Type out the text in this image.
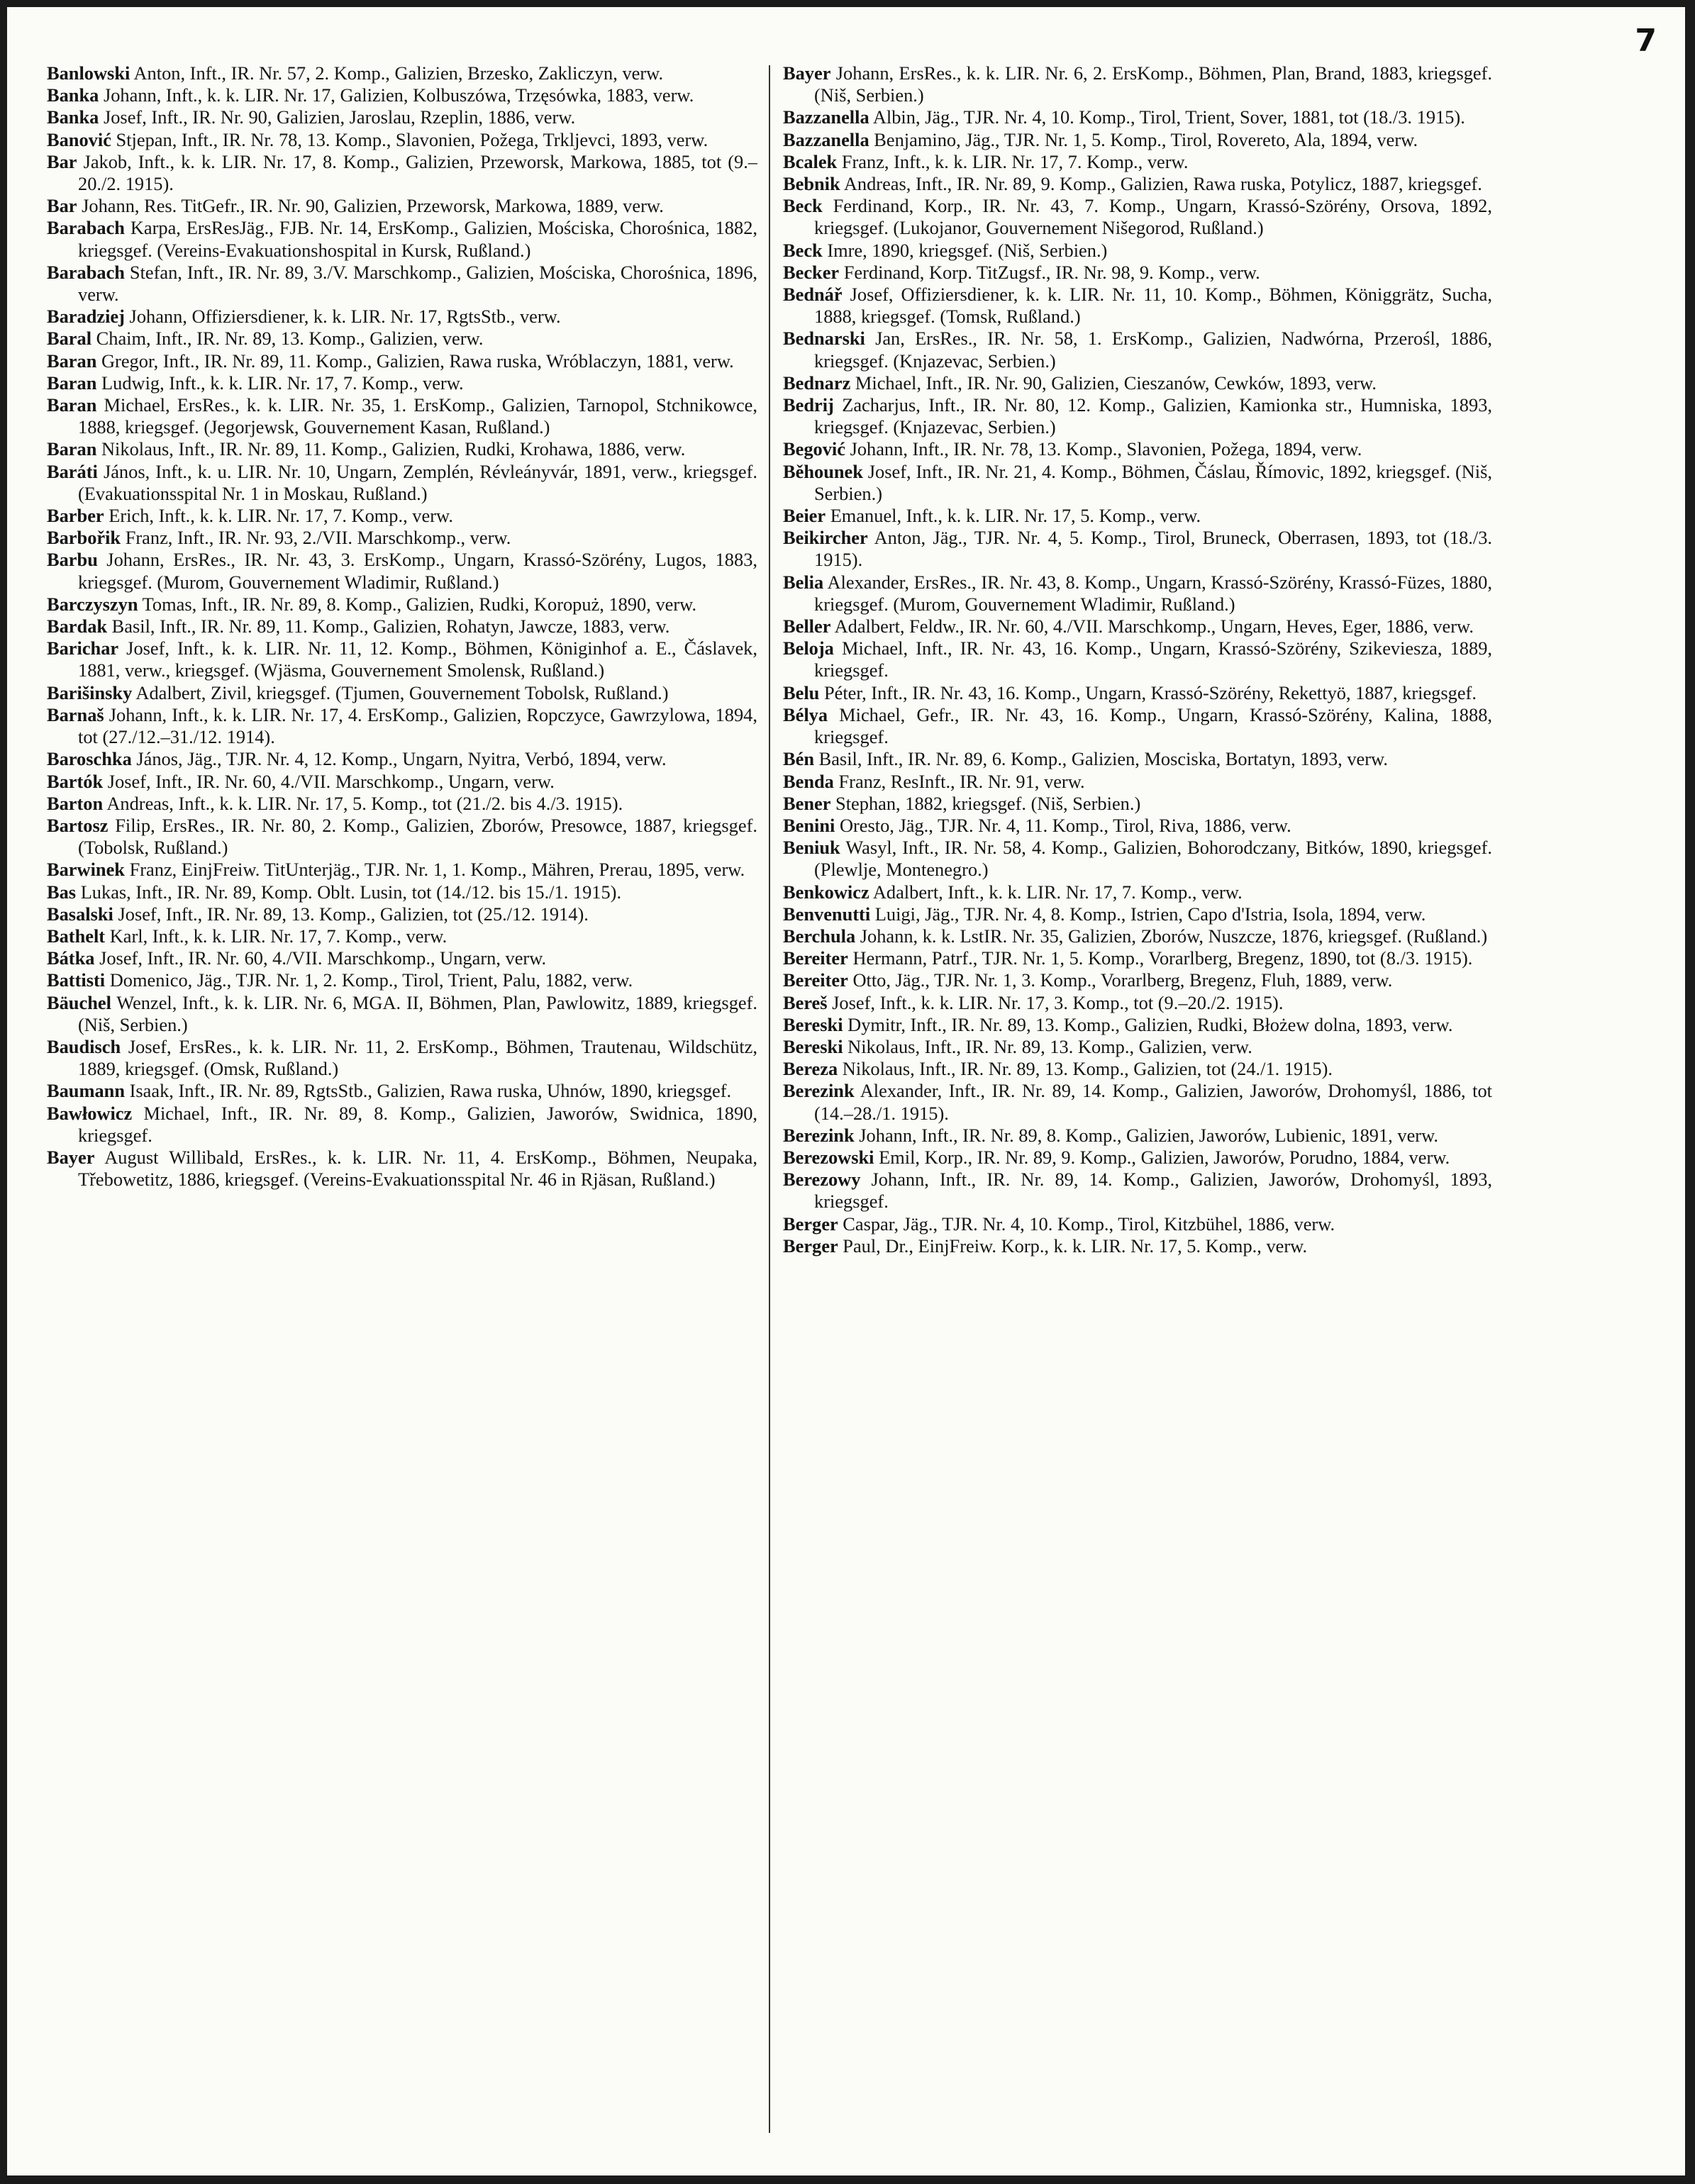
7

Banlowski Anton, Inft., IR. Nr. 57, 2. Komp., Galizien, Brzesko, Zakliczyn, verw.

Banka Johann, Inft., k. k. LIR. Nr. 17, Galizien, Kolbuszówa, Trzęsówka, 1883, verw.

Banka Josef, Inft., IR. Nr. 90, Galizien, Jaroslau, Rzeplin, 1886, verw.

Banović Stjepan, Inft., IR. Nr. 78, 13. Komp., Slavonien, Požega, Trkljevci, 1893, verw.

Bar Jakob, Inft., k. k. LIR. Nr. 17, 8. Komp., Galizien, Przeworsk, Markowa, 1885, tot (9.–20./2. 1915).

Bar Johann, Res. TitGefr., IR. Nr. 90, Galizien, Przeworsk, Markowa, 1889, verw.

Barabach Karpa, ErsResJäg., FJB. Nr. 14, ErsKomp., Galizien, Mościska, Chorośnica, 1882, kriegsgef. (Vereins-Evakuationshospital in Kursk, Rußland.)

Barabach Stefan, Inft., IR. Nr. 89, 3./V. Marschkomp., Galizien, Mościska, Chorośnica, 1896, verw.

Baradziej Johann, Offiziersdiener, k. k. LIR. Nr. 17, RgtsStb., verw.

Baral Chaim, Inft., IR. Nr. 89, 13. Komp., Galizien, verw.

Baran Gregor, Inft., IR. Nr. 89, 11. Komp., Galizien, Rawa ruska, Wróblaczyn, 1881, verw.

Baran Ludwig, Inft., k. k. LIR. Nr. 17, 7. Komp., verw.

Baran Michael, ErsRes., k. k. LIR. Nr. 35, 1. ErsKomp., Galizien, Tarnopol, Stchnikowce, 1888, kriegsgef. (Jegorjewsk, Gouvernement Kasan, Rußland.)

Baran Nikolaus, Inft., IR. Nr. 89, 11. Komp., Galizien, Rudki, Krohawa, 1886, verw.

Baráti János, Inft., k. u. LIR. Nr. 10, Ungarn, Zemplén, Révleányvár, 1891, verw., kriegsgef. (Evakuationsspital Nr. 1 in Moskau, Rußland.)

Barber Erich, Inft., k. k. LIR. Nr. 17, 7. Komp., verw.

Barbořik Franz, Inft., IR. Nr. 93, 2./VII. Marschkomp., verw.

Barbu Johann, ErsRes., IR. Nr. 43, 3. ErsKomp., Ungarn, Krassó-Szörény, Lugos, 1883, kriegsgef. (Murom, Gouvernement Wladimir, Rußland.)

Barczyszyn Tomas, Inft., IR. Nr. 89, 8. Komp., Galizien, Rudki, Koropuż, 1890, verw.

Bardak Basil, Inft., IR. Nr. 89, 11. Komp., Galizien, Rohatyn, Jawcze, 1883, verw.

Barichar Josef, Inft., k. k. LIR. Nr. 11, 12. Komp., Böhmen, Königinhof a. E., Čáslavek, 1881, verw., kriegsgef. (Wjäsma, Gouvernement Smolensk, Rußland.)

Barišinsky Adalbert, Zivil, kriegsgef. (Tjumen, Gouvernement Tobolsk, Rußland.)

Barnaš Johann, Inft., k. k. LIR. Nr. 17, 4. ErsKomp., Galizien, Ropczyce, Gawrzylowa, 1894, tot (27./12.–31./12. 1914).

Baroschka János, Jäg., TJR. Nr. 4, 12. Komp., Ungarn, Nyitra, Verbó, 1894, verw.

Bartók Josef, Inft., IR. Nr. 60, 4./VII. Marschkomp., Ungarn, verw.

Barton Andreas, Inft., k. k. LIR. Nr. 17, 5. Komp., tot (21./2. bis 4./3. 1915).

Bartosz Filip, ErsRes., IR. Nr. 80, 2. Komp., Galizien, Zborów, Presowce, 1887, kriegsgef. (Tobolsk, Rußland.)

Barwinek Franz, EinjFreiw. TitUnterjäg., TJR. Nr. 1, 1. Komp., Mähren, Prerau, 1895, verw.

Bas Lukas, Inft., IR. Nr. 89, Komp. Oblt. Lusin, tot (14./12. bis 15./1. 1915).

Basalski Josef, Inft., IR. Nr. 89, 13. Komp., Galizien, tot (25./12. 1914).

Bathelt Karl, Inft., k. k. LIR. Nr. 17, 7. Komp., verw.

Bátka Josef, Inft., IR. Nr. 60, 4./VII. Marschkomp., Ungarn, verw.

Battisti Domenico, Jäg., TJR. Nr. 1, 2. Komp., Tirol, Trient, Palu, 1882, verw.

Bäuchel Wenzel, Inft., k. k. LIR. Nr. 6, MGA. II, Böhmen, Plan, Pawlowitz, 1889, kriegsgef. (Niš, Serbien.)

Baudisch Josef, ErsRes., k. k. LIR. Nr. 11, 2. ErsKomp., Böhmen, Trautenau, Wildschütz, 1889, kriegsgef. (Omsk, Rußland.)

Baumann Isaak, Inft., IR. Nr. 89, RgtsStb., Galizien, Rawa ruska, Uhnów, 1890, kriegsgef.

Bawłowicz Michael, Inft., IR. Nr. 89, 8. Komp., Galizien, Jaworów, Swidnica, 1890, kriegsgef.

Bayer August Willibald, ErsRes., k. k. LIR. Nr. 11, 4. ErsKomp., Böhmen, Neupaka, Třebowetitz, 1886, kriegsgef. (Vereins-Evakuationsspital Nr. 46 in Rjäsan, Rußland.)

Bayer Johann, ErsRes., k. k. LIR. Nr. 6, 2. ErsKomp., Böhmen, Plan, Brand, 1883, kriegsgef. (Niš, Serbien.)

Bazzanella Albin, Jäg., TJR. Nr. 4, 10. Komp., Tirol, Trient, Sover, 1881, tot (18./3. 1915).

Bazzanella Benjamino, Jäg., TJR. Nr. 1, 5. Komp., Tirol, Rovereto, Ala, 1894, verw.

Bcalek Franz, Inft., k. k. LIR. Nr. 17, 7. Komp., verw.

Bebnik Andreas, Inft., IR. Nr. 89, 9. Komp., Galizien, Rawa ruska, Potylicz, 1887, kriegsgef.

Beck Ferdinand, Korp., IR. Nr. 43, 7. Komp., Ungarn, Krassó-Szörény, Orsova, 1892, kriegsgef. (Lukojanor, Gouvernement Nišegorod, Rußland.)

Beck Imre, 1890, kriegsgef. (Niš, Serbien.)

Becker Ferdinand, Korp. TitZugsf., IR. Nr. 98, 9. Komp., verw.

Bednář Josef, Offiziersdiener, k. k. LIR. Nr. 11, 10. Komp., Böhmen, Königgrätz, Sucha, 1888, kriegsgef. (Tomsk, Rußland.)

Bednarski Jan, ErsRes., IR. Nr. 58, 1. ErsKomp., Galizien, Nadwórna, Przerośl, 1886, kriegsgef. (Knjazevac, Serbien.)

Bednarz Michael, Inft., IR. Nr. 90, Galizien, Cieszanów, Cewków, 1893, verw.

Bedrij Zacharjus, Inft., IR. Nr. 80, 12. Komp., Galizien, Kamionka str., Humniska, 1893, kriegsgef. (Knjazevac, Serbien.)

Begović Johann, Inft., IR. Nr. 78, 13. Komp., Slavonien, Požega, 1894, verw.

Běhounek Josef, Inft., IR. Nr. 21, 4. Komp., Böhmen, Čáslau, Římovic, 1892, kriegsgef. (Niš, Serbien.)

Beier Emanuel, Inft., k. k. LIR. Nr. 17, 5. Komp., verw.

Beikircher Anton, Jäg., TJR. Nr. 4, 5. Komp., Tirol, Bruneck, Oberrasen, 1893, tot (18./3. 1915).

Belia Alexander, ErsRes., IR. Nr. 43, 8. Komp., Ungarn, Krassó-Szörény, Krassó-Füzes, 1880, kriegsgef. (Murom, Gouvernement Wladimir, Rußland.)

Beller Adalbert, Feldw., IR. Nr. 60, 4./VII. Marschkomp., Ungarn, Heves, Eger, 1886, verw.

Beloja Michael, Inft., IR. Nr. 43, 16. Komp., Ungarn, Krassó-Szörény, Szikeviesza, 1889, kriegsgef.

Belu Péter, Inft., IR. Nr. 43, 16. Komp., Ungarn, Krassó-Szörény, Rekettyö, 1887, kriegsgef.

Bélya Michael, Gefr., IR. Nr. 43, 16. Komp., Ungarn, Krassó-Szörény, Kalina, 1888, kriegsgef.

Bén Basil, Inft., IR. Nr. 89, 6. Komp., Galizien, Mosciska, Bortatyn, 1893, verw.

Benda Franz, ResInft., IR. Nr. 91, verw.

Bener Stephan, 1882, kriegsgef. (Niš, Serbien.)

Benini Oresto, Jäg., TJR. Nr. 4, 11. Komp., Tirol, Riva, 1886, verw.

Beniuk Wasyl, Inft., IR. Nr. 58, 4. Komp., Galizien, Bohorodczany, Bitków, 1890, kriegsgef. (Plewlje, Montenegro.)

Benkowicz Adalbert, Inft., k. k. LIR. Nr. 17, 7. Komp., verw.

Benvenutti Luigi, Jäg., TJR. Nr. 4, 8. Komp., Istrien, Capo d'Istria, Isola, 1894, verw.

Berchula Johann, k. k. LstIR. Nr. 35, Galizien, Zborów, Nuszcze, 1876, kriegsgef. (Rußland.)

Bereiter Hermann, Patrf., TJR. Nr. 1, 5. Komp., Vorarlberg, Bregenz, 1890, tot (8./3. 1915).

Bereiter Otto, Jäg., TJR. Nr. 1, 3. Komp., Vorarlberg, Bregenz, Fluh, 1889, verw.

Bereš Josef, Inft., k. k. LIR. Nr. 17, 3. Komp., tot (9.–20./2. 1915).

Bereski Dymitr, Inft., IR. Nr. 89, 13. Komp., Galizien, Rudki, Błożew dolna, 1893, verw.

Bereski Nikolaus, Inft., IR. Nr. 89, 13. Komp., Galizien, verw.

Bereza Nikolaus, Inft., IR. Nr. 89, 13. Komp., Galizien, tot (24./1. 1915).

Berezink Alexander, Inft., IR. Nr. 89, 14. Komp., Galizien, Jaworów, Drohomyśl, 1886, tot (14.–28./1. 1915).

Berezink Johann, Inft., IR. Nr. 89, 8. Komp., Galizien, Jaworów, Lubienic, 1891, verw.

Berezowski Emil, Korp., IR. Nr. 89, 9. Komp., Galizien, Jaworów, Porudno, 1884, verw.

Berezowy Johann, Inft., IR. Nr. 89, 14. Komp., Galizien, Jaworów, Drohomyśl, 1893, kriegsgef.

Berger Caspar, Jäg., TJR. Nr. 4, 10. Komp., Tirol, Kitzbühel, 1886, verw.

Berger Paul, Dr., EinjFreiw. Korp., k. k. LIR. Nr. 17, 5. Komp., verw.
